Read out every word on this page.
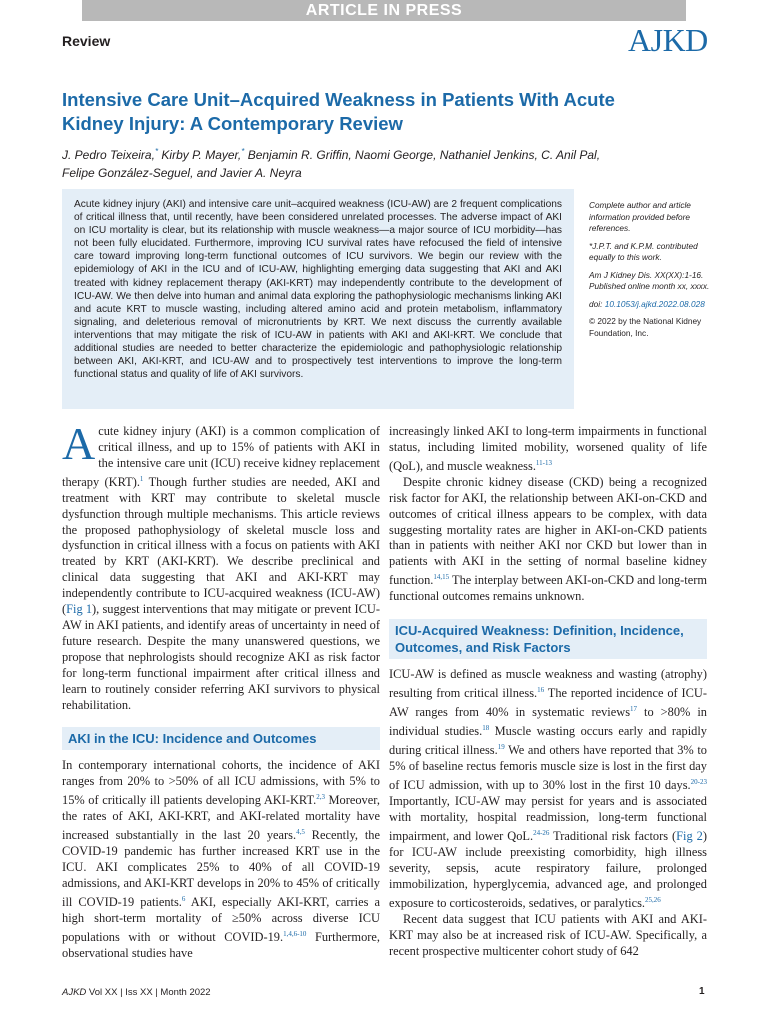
ARTICLE IN PRESS
Review	AJKD
Intensive Care Unit–Acquired Weakness in Patients With Acute Kidney Injury: A Contemporary Review

J. Pedro Teixeira,* Kirby P. Mayer,* Benjamin R. Griffin, Naomi George, Nathaniel Jenkins, C. Anil Pal,
Felipe González-Seguel, and Javier A. Neyra

Acute kidney injury (AKI) and intensive care unit–acquired weakness (ICU-AW) are 2 frequent complications of critical illness that, until recently, have been considered unrelated processes. The adverse impact of AKI on ICU mortality is clear, but its relationship with muscle weakness—a major source of ICU morbidity—has not been fully elucidated. Furthermore, improving ICU survival rates have refocused the field of intensive care toward improving long-term functional outcomes of ICU survivors. We begin our review with the epidemiology of AKI in the ICU and of ICU-AW, highlighting emerging data suggesting that AKI and AKI treated with kidney replacement therapy (AKI-KRT) may independently contribute to the development of ICU-AW. We then delve into human and animal data exploring the pathophysiologic mechanisms linking AKI and acute KRT to muscle wasting, including altered amino acid and protein metabolism, inflammatory signaling, and deleterious removal of micronutrients by KRT. We next discuss the currently available interventions that may mitigate the risk of ICU-AW in patients with AKI and AKI-KRT. We conclude that additional studies are needed to better characterize the epidemiologic and pathophysiologic relationship between AKI, AKI-KRT, and ICU-AW and to prospectively test interventions to improve the long-term functional status and quality of life of AKI survivors.

Complete author and article information provided before references.

*J.P.T. and K.P.M. contributed equally to this work.

Am J Kidney Dis. XX(XX):1-16. Published online month xx, xxxx.

doi: 10.1053/j.ajkd.2022.08.028

© 2022 by the National Kidney Foundation, Inc.

Acute kidney injury (AKI) is a common complication of critical illness, and up to 15% of patients with AKI in the intensive care unit (ICU) receive kidney replacement therapy (KRT).$^1$ Though further studies are needed, AKI and treatment with KRT may contribute to skeletal muscle dysfunction through multiple mechanisms. This article reviews the proposed pathophysiology of skeletal muscle loss and dysfunction in critical illness with a focus on patients with AKI treated by KRT (AKI-KRT). We describe preclinical and clinical data suggesting that AKI and AKI-KRT may independently contribute to ICU-acquired weakness (ICU-AW) (Fig 1), suggest interventions that may mitigate or prevent ICU-AW in AKI patients, and identify areas of uncertainty in need of future research. Despite the many unanswered questions, we propose that nephrologists should recognize AKI as risk factor for long-term functional impairment after critical illness and learn to routinely consider referring AKI survivors to physical rehabilitation.

AKI in the ICU: Incidence and Outcomes

In contemporary international cohorts, the incidence of AKI ranges from 20% to >50% of all ICU admissions, with 5% to 15% of critically ill patients developing AKI-KRT.$^{2,3}$ Moreover, the rates of AKI, AKI-KRT, and AKI-related mortality have increased substantially in the last 20 years.$^{4,5}$ Recently, the COVID-19 pandemic has further increased KRT use in the ICU. AKI complicates 25% to 40% of all COVID-19 admissions, and AKI-KRT develops in 20% to 45% of critically ill COVID-19 patients.$^6$ AKI, especially AKI-KRT, carries a high short-term mortality of ≥50% across diverse ICU populations with or without COVID-19.$^{1,4,6-10}$ Furthermore, observational studies have

increasingly linked AKI to long-term impairments in functional status, including limited mobility, worsened quality of life (QoL), and muscle weakness.$^{11-13}$

Despite chronic kidney disease (CKD) being a recognized risk factor for AKI, the relationship between AKI-on-CKD and outcomes of critical illness appears to be complex, with data suggesting mortality rates are higher in AKI-on-CKD patients than in patients with neither AKI nor CKD but lower than in patients with AKI in the setting of normal baseline kidney function.$^{14,15}$ The interplay between AKI-on-CKD and long-term functional outcomes remains unknown.

ICU-Acquired Weakness: Definition, Incidence, Outcomes, and Risk Factors

ICU-AW is defined as muscle weakness and wasting (atrophy) resulting from critical illness.$^{16}$ The reported incidence of ICU-AW ranges from 40% in systematic reviews$^{17}$ to >80% in individual studies.$^{18}$ Muscle wasting occurs early and rapidly during critical illness.$^{19}$ We and others have reported that 3% to 5% of baseline rectus femoris muscle size is lost in the first day of ICU admission, with up to 30% lost in the first 10 days.$^{20-23}$ Importantly, ICU-AW may persist for years and is associated with mortality, hospital readmission, long-term functional impairment, and lower QoL.$^{24-26}$ Traditional risk factors (Fig 2) for ICU-AW include preexisting comorbidity, high illness severity, sepsis, acute respiratory failure, prolonged immobilization, hyperglycemia, advanced age, and prolonged exposure to corticosteroids, sedatives, or paralytics.$^{25,26}$

Recent data suggest that ICU patients with AKI and AKI-KRT may also be at increased risk of ICU-AW. Specifically, a recent prospective multicenter cohort study of 642

AJKD Vol XX | Iss XX | Month 2022	1
